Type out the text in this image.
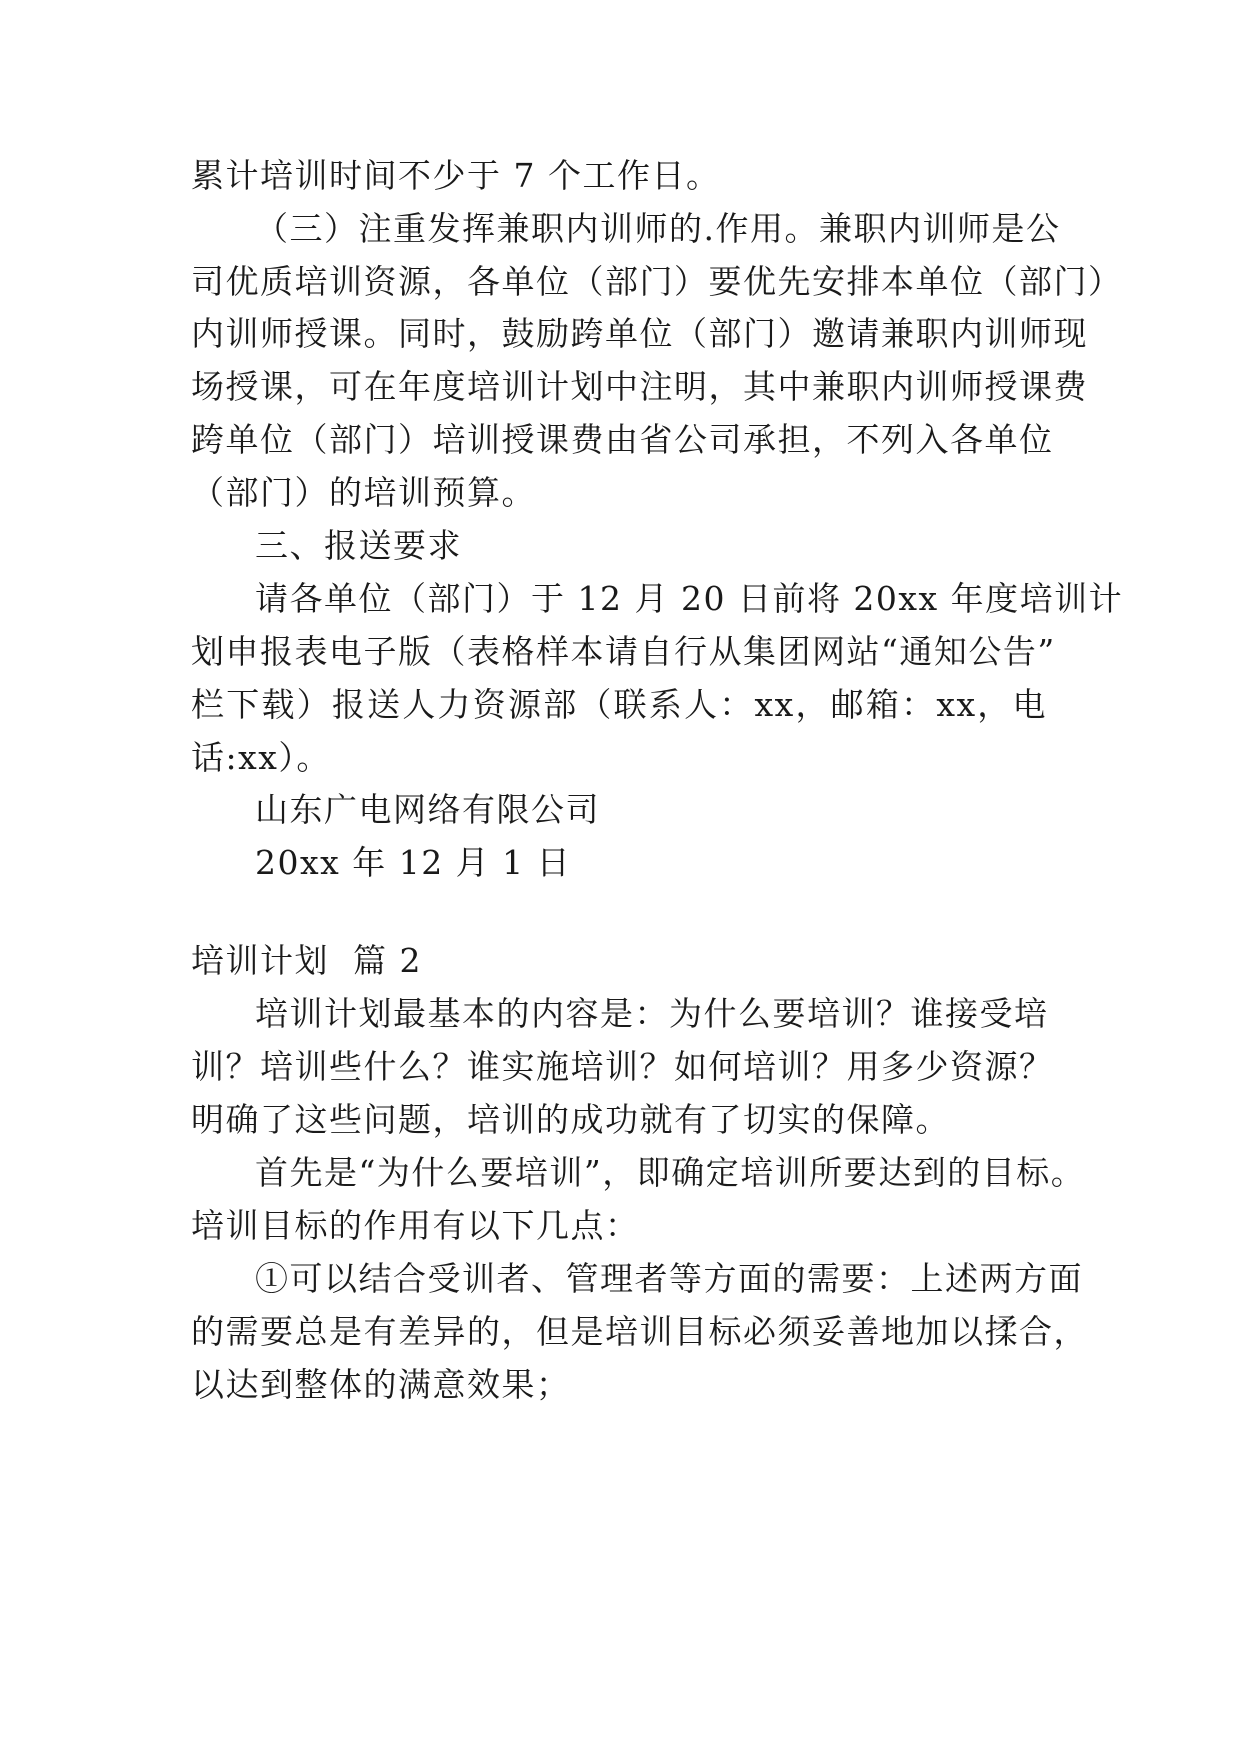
累计培训时间不少于 7 个工作日。
（三）注重发挥兼职内训师的.作用。兼职内训师是公
司优质培训资源，各单位（部门）要优先安排本单位（部门）
内训师授课。同时，鼓励跨单位（部门）邀请兼职内训师现
场授课，可在年度培训计划中注明，其中兼职内训师授课费
跨单位（部门）培训授课费由省公司承担，不列入各单位
（部门）的培训预算。
三、报送要求
请各单位（部门）于 12 月 20 日前将 20xx 年度培训计
划申报表电子版（表格样本请自行从集团网站“通知公告”
栏下载）报送人力资源部（联系人：xx，邮箱：xx，电
话:xx）。
山东广电网络有限公司
20xx 年 12 月 1 日
培训计划  篇 2
培训计划最基本的内容是：为什么要培训？谁接受培
训？培训些什么？谁实施培训？如何培训？用多少资源？
明确了这些问题，培训的成功就有了切实的保障。
首先是“为什么要培训”，即确定培训所要达到的目标。
培训目标的作用有以下几点：
①可以结合受训者、管理者等方面的需要：上述两方面
的需要总是有差异的，但是培训目标必须妥善地加以揉合，
以达到整体的满意效果；
